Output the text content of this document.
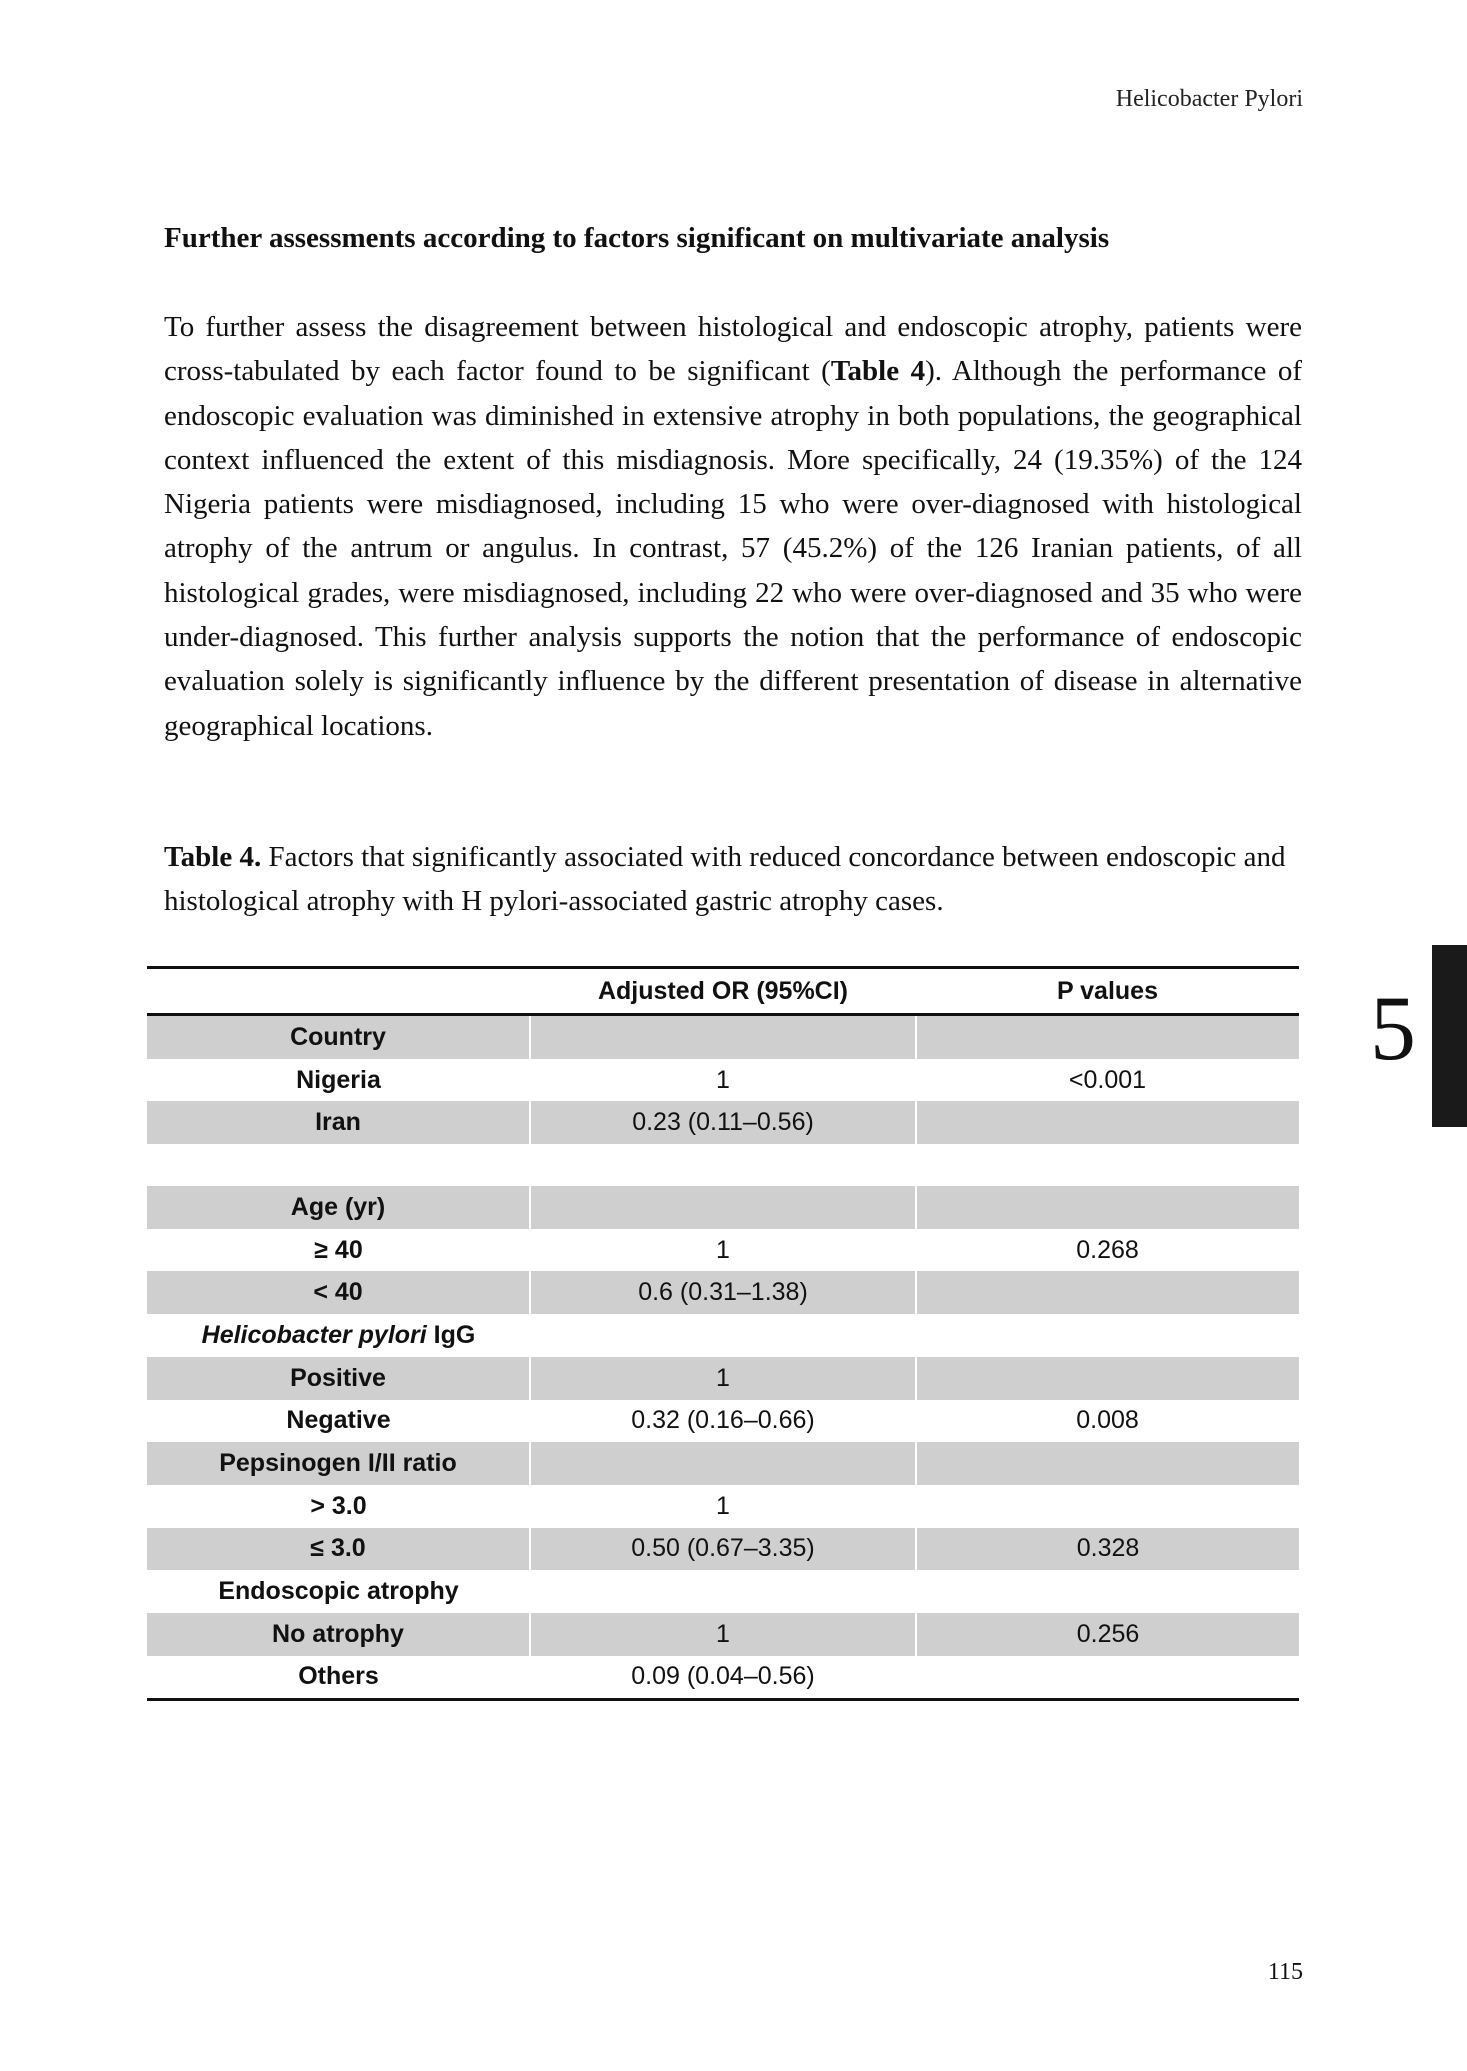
Helicobacter Pylori
Further assessments according to factors significant on multivariate analysis

To further assess the disagreement between histological and endoscopic atrophy, patients were cross-tabulated by each factor found to be significant (Table 4). Although the performance of endoscopic evaluation was diminished in extensive atrophy in both populations, the geographical context influenced the extent of this misdiagnosis. More specifically, 24 (19.35%) of the 124 Nigeria patients were misdiagnosed, including 15 who were over-diagnosed with histological atrophy of the antrum or angulus. In contrast, 57 (45.2%) of the 126 Iranian patients, of all histological grades, were misdiagnosed, including 22 who were over-diagnosed and 35 who were under-diagnosed. This further analysis supports the notion that the performance of endoscopic evaluation solely is significantly influence by the different presentation of disease in alternative geographical locations.

Table 4. Factors that significantly associated with reduced concordance between endoscopic and histological atrophy with H pylori-associated gastric atrophy cases.

	Adjusted OR (95%CI)	P values
Country		
Nigeria	1	<0.001
Iran	0.23 (0.11–0.56)	

Age (yr)		
≥ 40	1	0.268
< 40	0.6 (0.31–1.38)	
Helicobacter pylori IgG		
Positive	1	
Negative	0.32 (0.16–0.66)	0.008
Pepsinogen I/II ratio		
> 3.0	1	
≤ 3.0	0.50 (0.67–3.35)	0.328
Endoscopic atrophy		
No atrophy	1	0.256
Others	0.09 (0.04–0.56)	
5
115
